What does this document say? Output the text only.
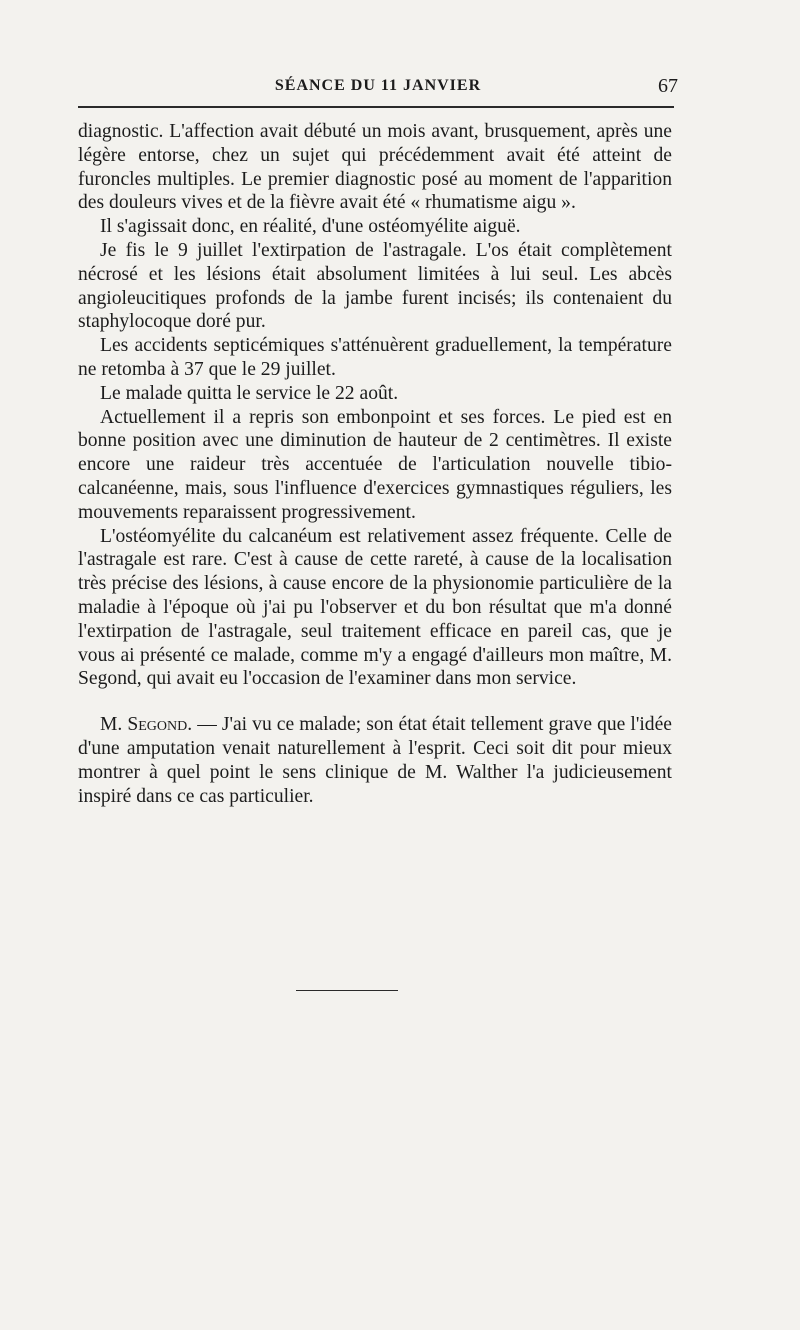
SÉANCE DU 11 JANVIER	67

diagnostic. L'affection avait débuté un mois avant, brusquement, après une légère entorse, chez un sujet qui précédemment avait été atteint de furoncles multiples. Le premier diagnostic posé au moment de l'apparition des douleurs vives et de la fièvre avait été « rhumatisme aigu ».

Il s'agissait donc, en réalité, d'une ostéomyélite aiguë.

Je fis le 9 juillet l'extirpation de l'astragale. L'os était complètement nécrosé et les lésions était absolument limitées à lui seul. Les abcès angioleucitiques profonds de la jambe furent incisés; ils contenaient du staphylocoque doré pur.

Les accidents septicémiques s'atténuèrent graduellement, la température ne retomba à 37 que le 29 juillet.

Le malade quitta le service le 22 août.

Actuellement il a repris son embonpoint et ses forces. Le pied est en bonne position avec une diminution de hauteur de 2 centimètres. Il existe encore une raideur très accentuée de l'articulation nouvelle tibio-calcanéenne, mais, sous l'influence d'exercices gymnastiques réguliers, les mouvements reparaissent progressivement.

L'ostéomyélite du calcanéum est relativement assez fréquente. Celle de l'astragale est rare. C'est à cause de cette rareté, à cause de la localisation très précise des lésions, à cause encore de la physionomie particulière de la maladie à l'époque où j'ai pu l'observer et du bon résultat que m'a donné l'extirpation de l'astragale, seul traitement efficace en pareil cas, que je vous ai présenté ce malade, comme m'y a engagé d'ailleurs mon maître, M. Segond, qui avait eu l'occasion de l'examiner dans mon service.

M. Segond. — J'ai vu ce malade; son état était tellement grave que l'idée d'une amputation venait naturellement à l'esprit. Ceci soit dit pour mieux montrer à quel point le sens clinique de M. Walther l'a judicieusement inspiré dans ce cas particulier.
